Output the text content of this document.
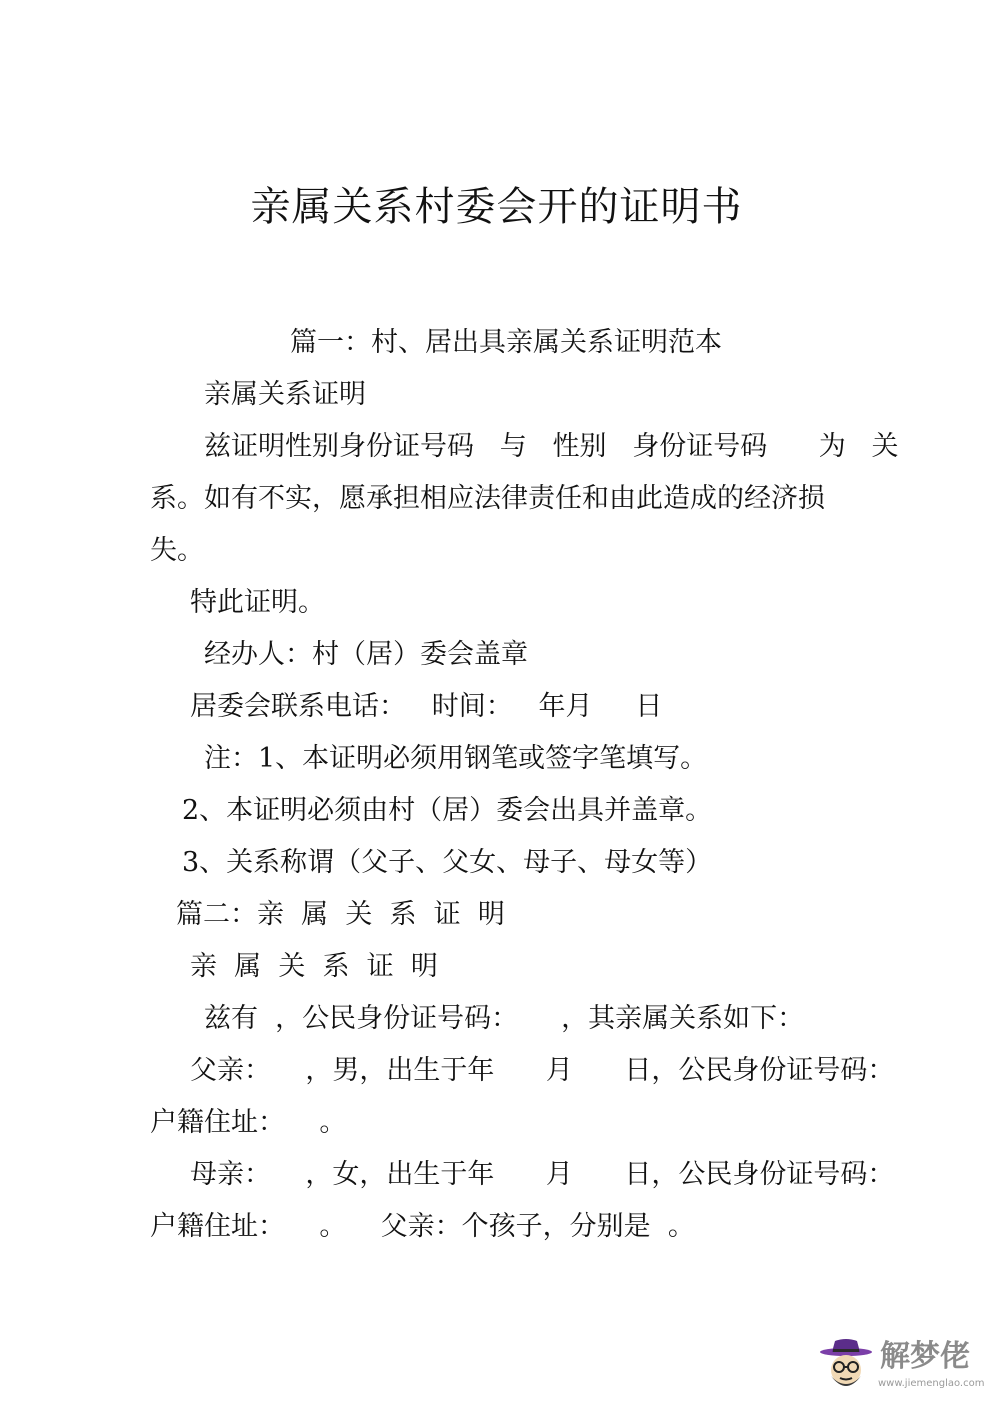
亲属关系村委会开的证明书
篇一：村、居出具亲属关系证明范本
亲属关系证明
兹证明性别身份证号码   与   性别   身份证号码      为   关
系。如有不实，愿承担相应法律责任和由此造成的经济损
失。
特此证明。
经办人：村（居）委会盖章
居委会联系电话：   时间：   年月     日
注：1、本证明必须用钢笔或签字笔填写。
2、本证明必须由村（居）委会出具并盖章。
3、关系称谓（父子、父女、母子、母女等）
篇二：亲  属  关  系  证  明
亲  属  关  系  证  明
兹有  ，公民身份证号码：     ，其亲属关系如下：
父亲：    ，男，出生于年      月      日，公民身份证号码：
户籍住址：    。
母亲：    ，女，出生于年      月      日，公民身份证号码：
户籍住址：    。    父亲：个孩子，分别是  。
解梦佬
www.jiemenglao.com
